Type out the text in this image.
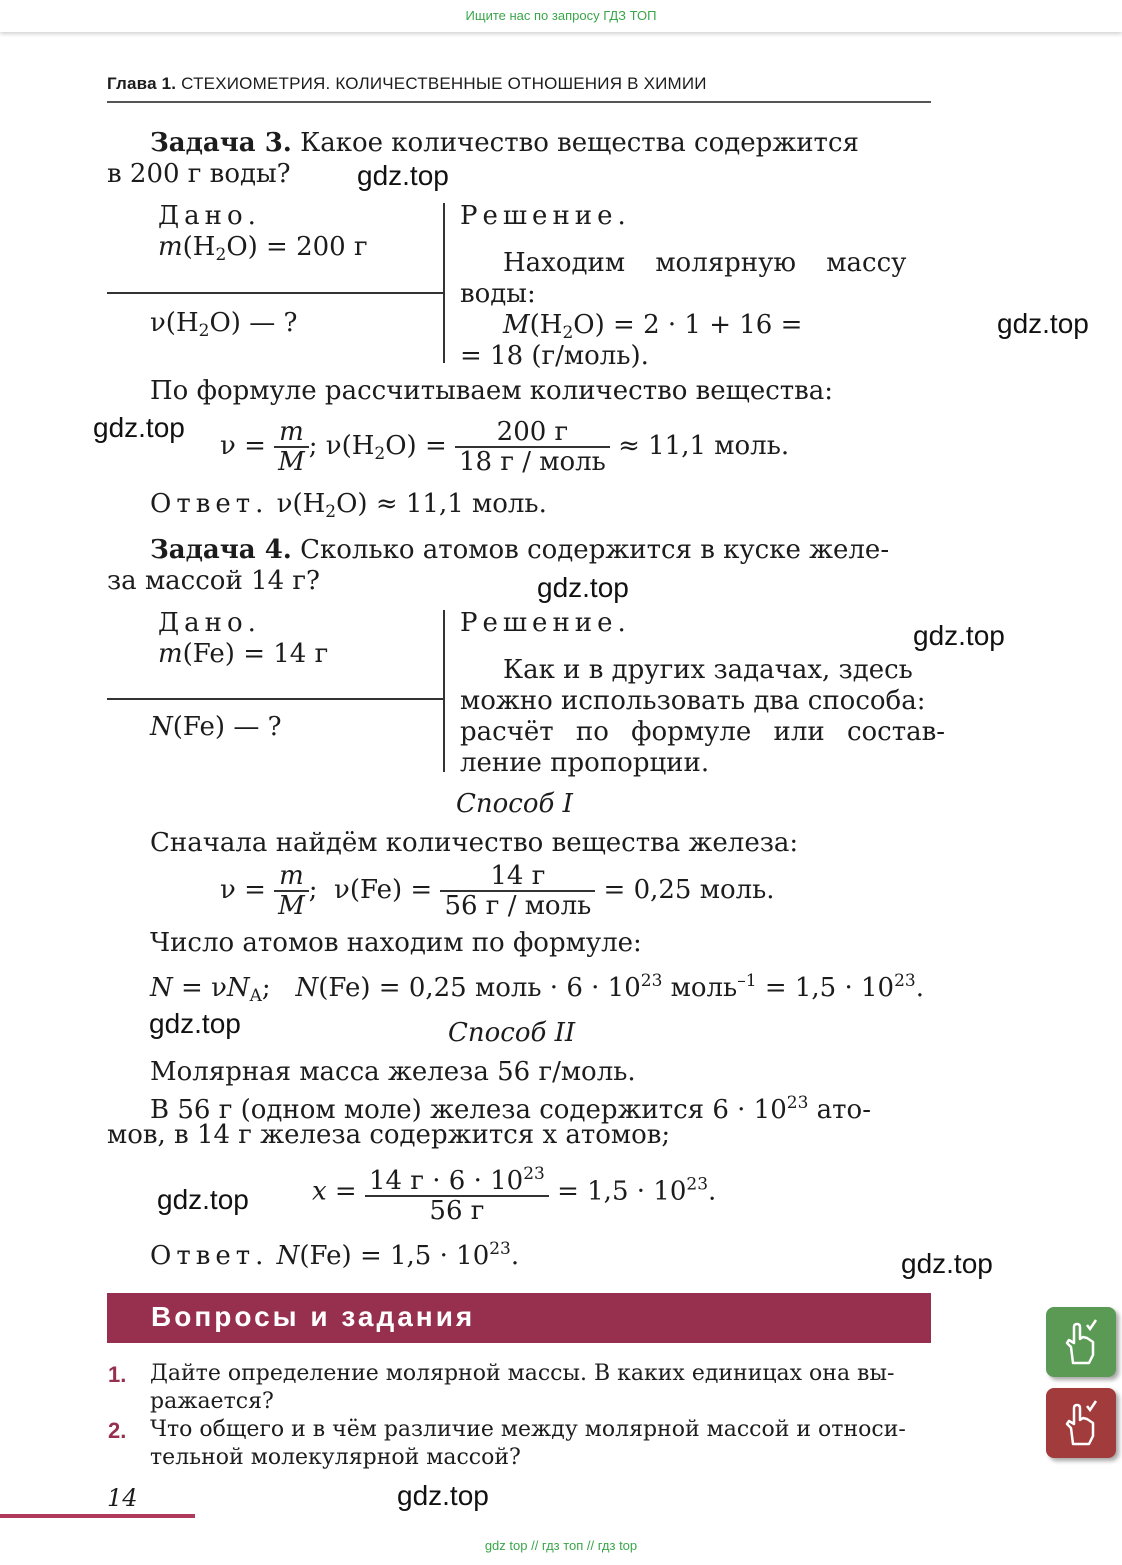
Ищите нас по запросу ГДЗ ТОП
Глава 1. СТЕХИОМЕТРИЯ. КОЛИЧЕСТВЕННЫЕ ОТНОШЕНИЯ В ХИМИИ
Задача 3. Какое количество вещества содержится
в 200 г воды?
Дано.
$m(H_2O) = 200$ г
$\nu(H_2O)$ — ?
Решение.
Находим молярную массу
воды:
$M(H_2O) = 2 \cdot 1 + 16$ =
= 18 (г/моль).
По формуле рассчитываем количество вещества:
$\nu = \frac{m}{M}$ ; $\nu(H_2O) = \frac{200 г}{\text{18 г / моль}} \approx 11,1$ моль.
Ответ. $\nu(H_2O) \approx 11,1$ моль.
Задача 4. Сколько атомов содержится в куске желе-
за массой 14 г?
Дано.
m(Fe) = 14 г
N(Fe) — ?
Решение.
Как и в других задачах, здесь
можно использовать два способа:
расчёт по формуле или состав-
ление пропорции.
Способ I
Сначала найдём количество вещества железа:
$\nu = \frac{m}{M}$ ;  $\nu(Fe) = \frac{14 г}{\text{56 г / моль}} = 0,25$ моль.
Число атомов находим по формуле:
$N = \nu N_A$;   N(Fe) = 0,25 моль · $6 \cdot 10^{23}$ моль$^{-1}$ = $1,5 \cdot 10^{23}$.
Способ II
Молярная масса железа 56 г/моль.
В 56 г (одном моле) железа содержится $6 \cdot 10^{23}$ ато-
мов, в 14 г железа содержится x атомов;
$x = \frac{14 г \cdot 6 \cdot 10^{23}}{56 г} = 1,5 \cdot 10^{23}$.
Ответ. $N(Fe) = 1,5 \cdot 10^{23}$.
Вопросы и задания
1. Дайте определение молярной массы. В каких единицах она вы-
ражается?
2. Что общего и в чём различие между молярной массой и относи-
тельной молекулярной массой?
14
gdz.top
gdz.top
gdz.top
gdz.top
gdz.top
gdz.top
gdz.top
gdz.top
gdz.top
gdz top // гдз топ // гдз top
